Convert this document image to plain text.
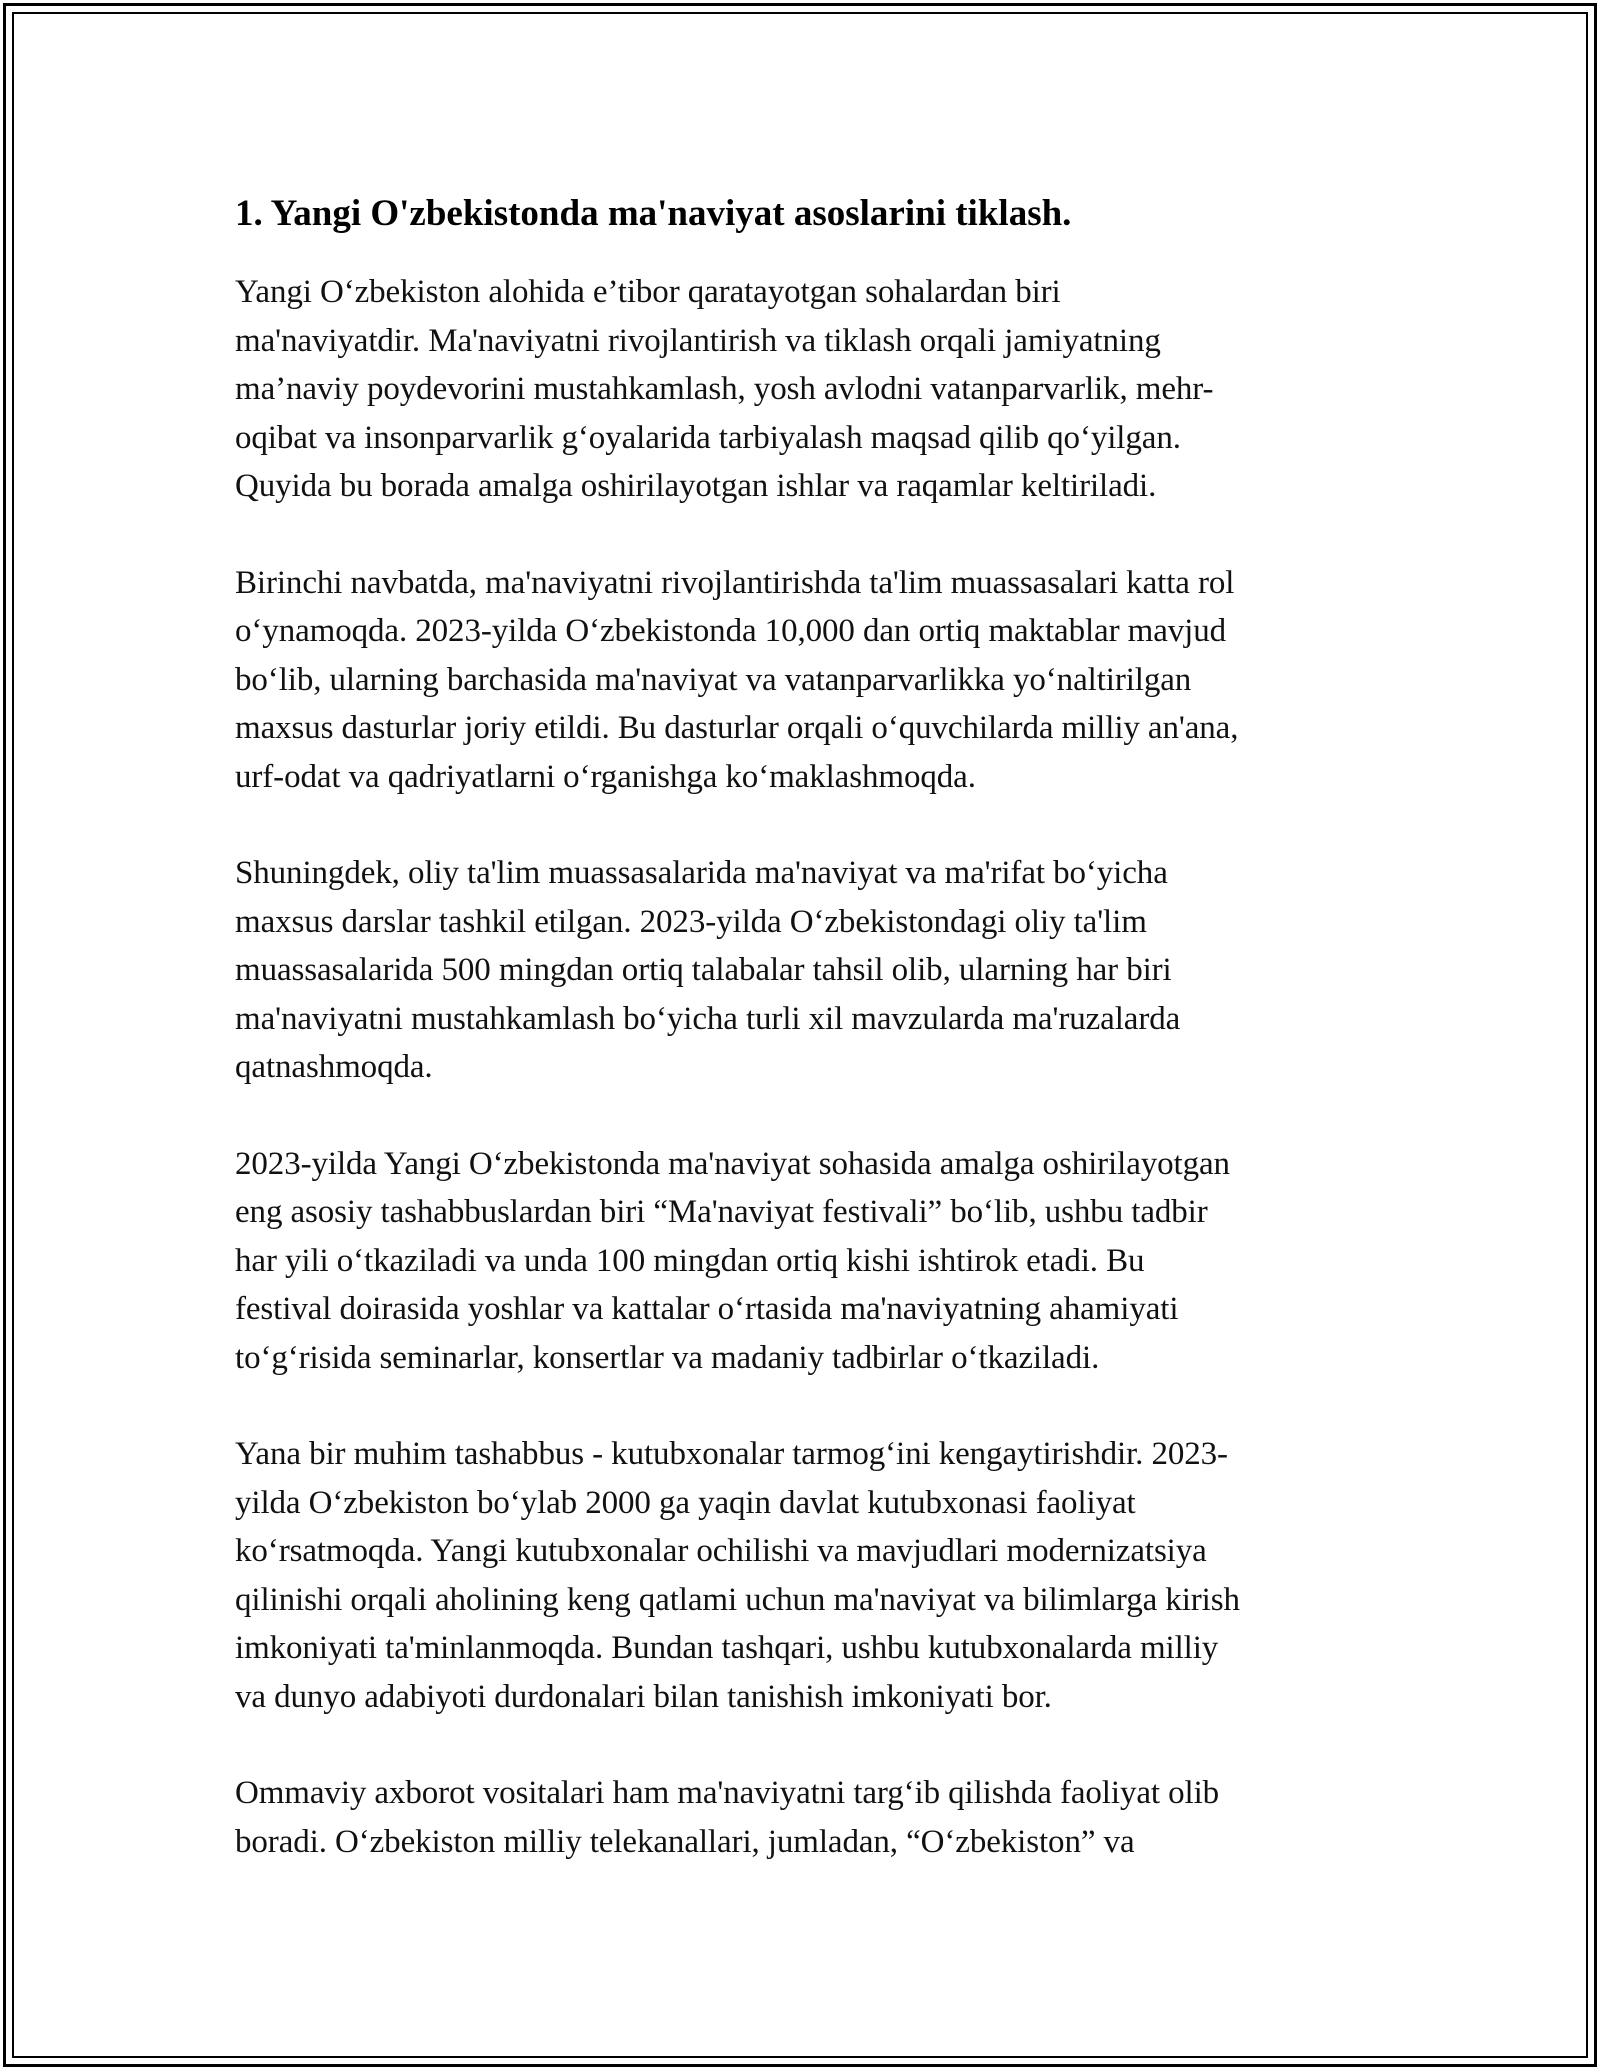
1. Yangi O'zbekistonda ma'naviyat asoslarini tiklash.

Yangi O‘zbekiston alohida e’tibor qaratayotgan sohalardan biri
ma'naviyatdir. Ma'naviyatni rivojlantirish va tiklash orqali jamiyatning
ma’naviy poydevorini mustahkamlash, yosh avlodni vatanparvarlik, mehr-
oqibat va insonparvarlik g‘oyalarida tarbiyalash maqsad qilib qo‘yilgan.
Quyida bu borada amalga oshirilayotgan ishlar va raqamlar keltiriladi.

Birinchi navbatda, ma'naviyatni rivojlantirishda ta'lim muassasalari katta rol
o‘ynamoqda. 2023-yilda O‘zbekistonda 10,000 dan ortiq maktablar mavjud
bo‘lib, ularning barchasida ma'naviyat va vatanparvarlikka yo‘naltirilgan
maxsus dasturlar joriy etildi. Bu dasturlar orqali o‘quvchilarda milliy an'ana,
urf-odat va qadriyatlarni o‘rganishga ko‘maklashmoqda.

Shuningdek, oliy ta'lim muassasalarida ma'naviyat va ma'rifat bo‘yicha
maxsus darslar tashkil etilgan. 2023-yilda O‘zbekistondagi oliy ta'lim
muassasalarida 500 mingdan ortiq talabalar tahsil olib, ularning har biri
ma'naviyatni mustahkamlash bo‘yicha turli xil mavzularda ma'ruzalarda
qatnashmoqda.

2023-yilda Yangi O‘zbekistonda ma'naviyat sohasida amalga oshirilayotgan
eng asosiy tashabbuslardan biri “Ma'naviyat festivali” bo‘lib, ushbu tadbir
har yili o‘tkaziladi va unda 100 mingdan ortiq kishi ishtirok etadi. Bu
festival doirasida yoshlar va kattalar o‘rtasida ma'naviyatning ahamiyati
to‘g‘risida seminarlar, konsertlar va madaniy tadbirlar o‘tkaziladi.

Yana bir muhim tashabbus - kutubxonalar tarmog‘ini kengaytirishdir. 2023-
yilda O‘zbekiston bo‘ylab 2000 ga yaqin davlat kutubxonasi faoliyat
ko‘rsatmoqda. Yangi kutubxonalar ochilishi va mavjudlari modernizatsiya
qilinishi orqali aholining keng qatlami uchun ma'naviyat va bilimlarga kirish
imkoniyati ta'minlanmoqda. Bundan tashqari, ushbu kutubxonalarda milliy
va dunyo adabiyoti durdonalari bilan tanishish imkoniyati bor.

Ommaviy axborot vositalari ham ma'naviyatni targ‘ib qilishda faoliyat olib
boradi. O‘zbekiston milliy telekanallari, jumladan, “O‘zbekiston” va
